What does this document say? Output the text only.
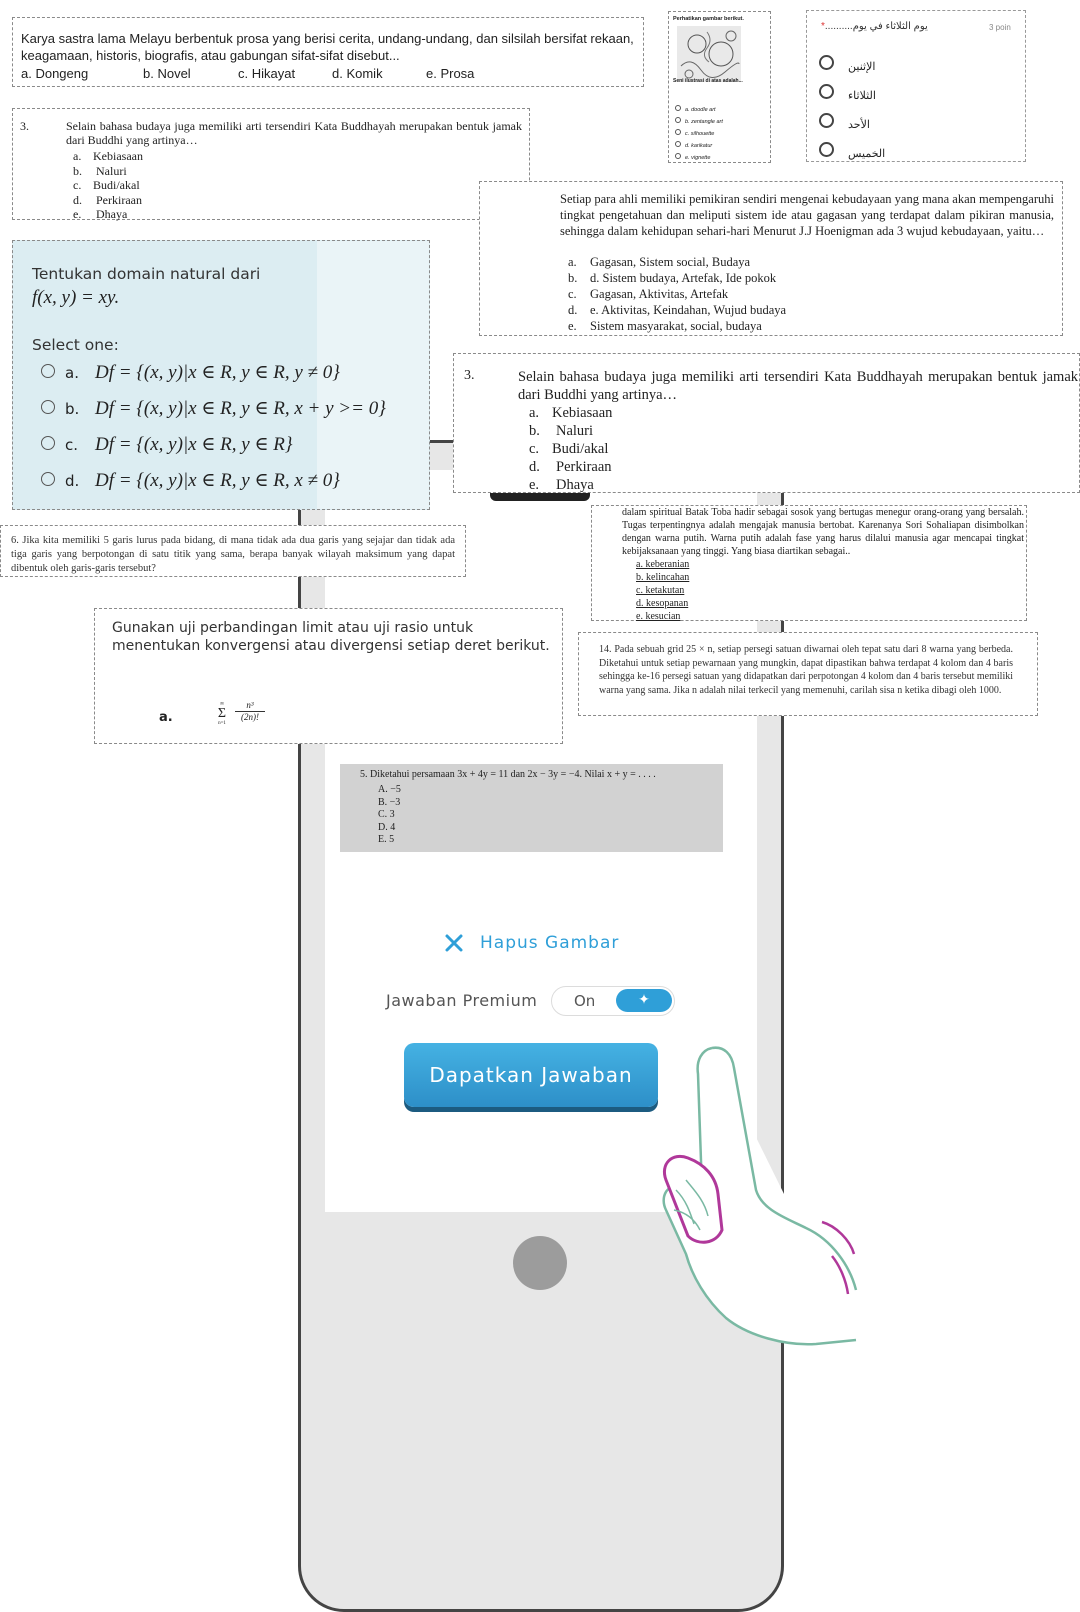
3 poin
يوم الثلاثاء في يوم..........*
الإثنين
الثلاثاء
الأحد
الخميس
Perhatikan gambar berikut.
Seni ilustrasi di atas adalah...
a. doodle art
b. zentangle art
c. silhouette
d. karikatur
e. vignette
Karya sastra lama Melayu berbentuk prosa yang berisi cerita, undang-undang, dan silsilah bersifat rekaan, keagamaan, historis, biografis, atau gabungan sifat-sifat disebut...
a. Dongeng	b. Novel	c. Hikayat	d. Komik	e. Prosa
3.	Selain bahasa budaya juga memiliki arti tersendiri Kata Buddhayah merupakan bentuk jamak dari Buddhi yang artinya…
a. Kebiasaan
b. Naluri
c. Budi/akal
d. Perkiraan
e. Dhaya
Setiap para ahli memiliki pemikiran sendiri mengenai kebudayaan yang mana akan mempengaruhi tingkat pengetahuan dan meliputi sistem ide atau gagasan yang terdapat dalam pikiran manusia, sehingga dalam kehidupan sehari-hari Menurut J.J Hoenigman ada 3 wujud kebudayaan, yaitu…
a. Gagasan, Sistem social, Budaya
b. d. Sistem budaya, Artefak, Ide pokok
c. Gagasan, Aktivitas, Artefak
d. e. Aktivitas, Keindahan, Wujud budaya
e. Sistem masyarakat, social, budaya
Tentukan domain natural dari
f(x, y) = xy.
Select one:
a. Df = {(x, y)|x ∈ R, y ∈ R, y ≠ 0}
b. Df = {(x, y)|x ∈ R, y ∈ R, x + y >= 0}
c. Df = {(x, y)|x ∈ R, y ∈ R}
d. Df = {(x, y)|x ∈ R, y ∈ R, x ≠ 0}
3.	Selain bahasa budaya juga memiliki arti tersendiri Kata Buddhayah merupakan bentuk jamak dari Buddhi yang artinya…
a. Kebiasaan
b. Naluri
c. Budi/akal
d. Perkiraan
e. Dhaya
6. Jika kita memiliki 5 garis lurus pada bidang, di mana tidak ada dua garis yang sejajar dan tidak ada tiga garis yang berpotongan di satu titik yang sama, berapa banyak wilayah maksimum yang dapat dibentuk oleh garis-garis tersebut?
dalam spiritual Batak Toba hadir sebagai sosok yang bertugas menegur orang-orang yang bersalah. Tugas terpentingnya adalah mengajak manusia bertobat. Karenanya Sori Sohaliapan disimbolkan dengan warna putih. Warna putih adalah fase yang harus dilalui manusia agar mencapai tingkat kebijaksanaan yang tinggi. Yang biasa diartikan sebagai..
a. keberanian
b. kelincahan
c. ketakutan
d. kesopanan
e. kesucian
Gunakan uji perbandingan limit atau uji rasio untuk menentukan konvergensi atau divergensi setiap deret berikut.
a.
∞
Σ
n=1
n³
(2n)!
14. Pada sebuah grid 25 × n, setiap persegi satuan diwarnai oleh tepat satu dari 8 warna yang berbeda. Diketahui untuk setiap pewarnaan yang mungkin, dapat dipastikan bahwa terdapat 4 kolom dan 4 baris sehingga ke-16 persegi satuan yang didapatkan dari perpotongan 4 kolom dan 4 baris tersebut memiliki warna yang sama. Jika n adalah nilai terkecil yang memenuhi, carilah sisa n ketika dibagi oleh 1000.
5. Diketahui persamaan 3x + 4y = 11 dan 2x − 3y = −4. Nilai x + y = . . . .
A. −5
B. −3
C. 3
D. 4
E. 5
Hapus Gambar
Jawaban Premium On	✦
Dapatkan Jawaban
